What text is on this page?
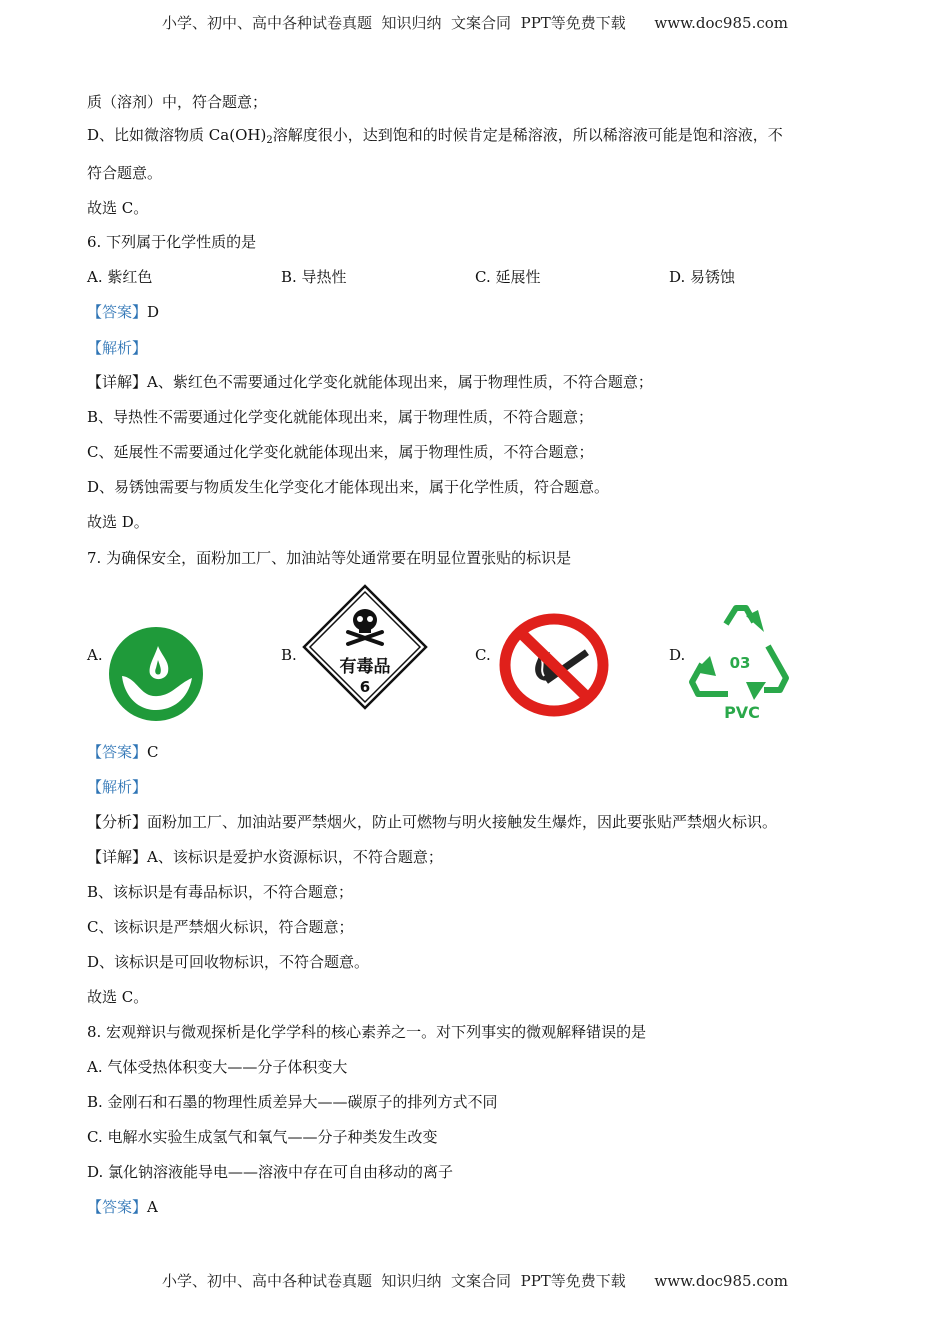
小学、初中、高中各种试卷真题  知识归纳  文案合同  PPT等免费下载      www.doc985.com
质（溶剂）中，符合题意；
D、比如微溶物质 $Ca(OH)_2$溶解度很小，达到饱和的时候肯定是稀溶液，所以稀溶液可能是饱和溶液，不
符合题意。
故选 C。
6. 下列属于化学性质的是
A. 紫红色	B. 导热性	C. 延展性	D. 易锈蚀
【答案】D
【解析】
【详解】A、紫红色不需要通过化学变化就能体现出来，属于物理性质，不符合题意；
B、导热性不需要通过化学变化就能体现出来，属于物理性质，不符合题意；
C、延展性不需要通过化学变化就能体现出来，属于物理性质，不符合题意；
D、易锈蚀需要与物质发生化学变化才能体现出来，属于化学性质，符合题意。
故选 D。
7. 为确保安全，面粉加工厂、加油站等处通常要在明显位置张贴的标识是
A.	B.	C.	D.
有毒品
6
03
PVC
【答案】C
【解析】
【分析】面粉加工厂、加油站要严禁烟火，防止可燃物与明火接触发生爆炸，因此要张贴严禁烟火标识。
【详解】A、该标识是爱护水资源标识，不符合题意；
B、该标识是有毒品标识，不符合题意；
C、该标识是严禁烟火标识，符合题意；
D、该标识是可回收物标识，不符合题意。
故选 C。
8. 宏观辩识与微观探析是化学学科的核心素养之一。对下列事实的微观解释错误的是
A. 气体受热体积变大——分子体积变大
B. 金刚石和石墨的物理性质差异大——碳原子的排列方式不同
C. 电解水实验生成氢气和氧气——分子种类发生改变
D. 氯化钠溶液能导电——溶液中存在可自由移动的离子
【答案】A
小学、初中、高中各种试卷真题  知识归纳  文案合同  PPT等免费下载      www.doc985.com
